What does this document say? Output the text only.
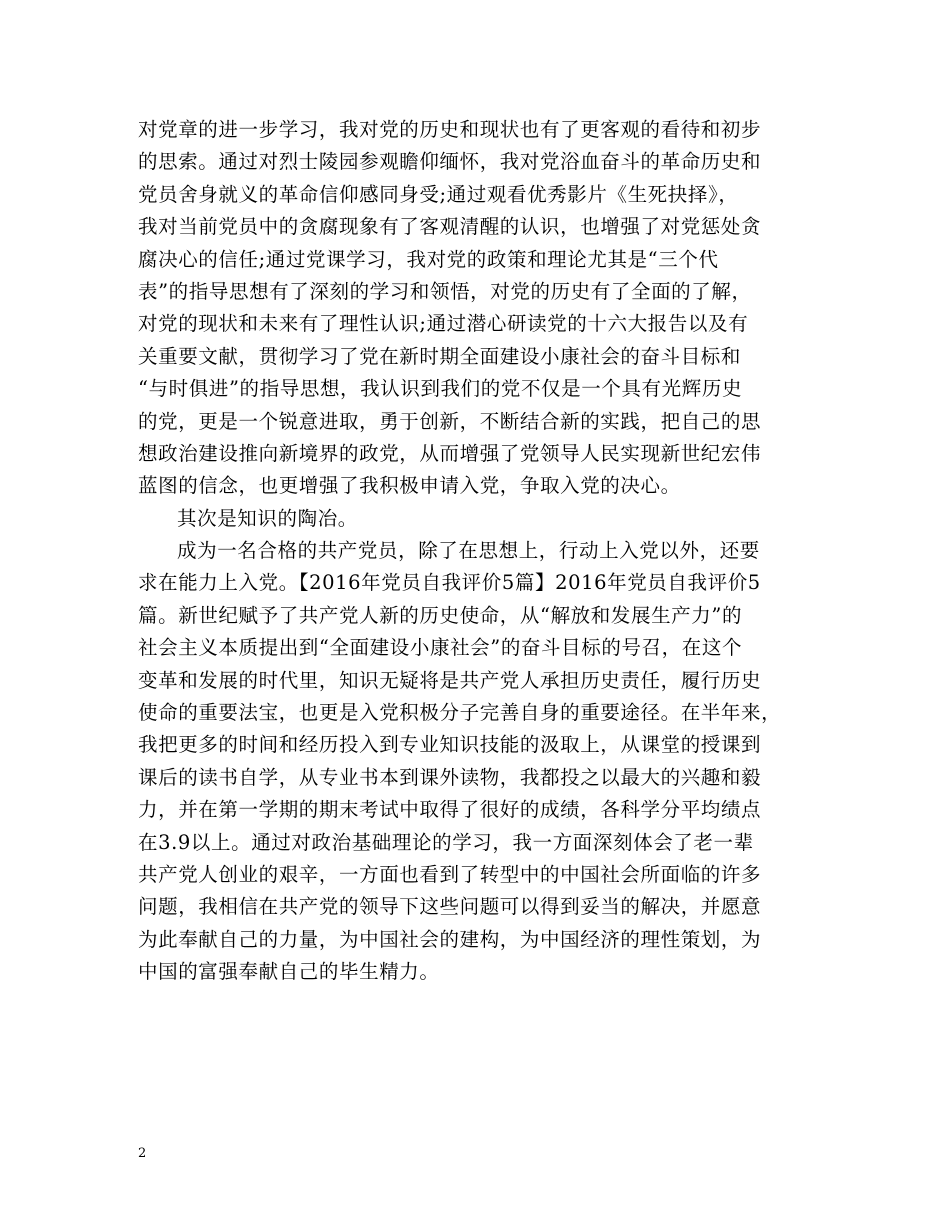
对党章的进一步学习，我对党的历史和现状也有了更客观的看待和初步
的思索。通过对烈士陵园参观瞻仰缅怀，我对党浴血奋斗的革命历史和
党员舍身就义的革命信仰感同身受;通过观看优秀影片《生死抉择》，
我对当前党员中的贪腐现象有了客观清醒的认识，也增强了对党惩处贪
腐决心的信任;通过党课学习，我对党的政策和理论尤其是“三个代
表”的指导思想有了深刻的学习和领悟，对党的历史有了全面的了解，
对党的现状和未来有了理性认识;通过潜心研读党的十六大报告以及有
关重要文献，贯彻学习了党在新时期全面建设小康社会的奋斗目标和
“与时俱进”的指导思想，我认识到我们的党不仅是一个具有光辉历史
的党，更是一个锐意进取，勇于创新，不断结合新的实践，把自己的思
想政治建设推向新境界的政党，从而增强了党领导人民实现新世纪宏伟
蓝图的信念，也更增强了我积极申请入党，争取入党的决心。
其次是知识的陶冶。
成为一名合格的共产党员，除了在思想上，行动上入党以外，还要
求在能力上入党。【2016年党员自我评价5篇】2016年党员自我评价5
篇。新世纪赋予了共产党人新的历史使命，从“解放和发展生产力”的
社会主义本质提出到“全面建设小康社会”的奋斗目标的号召，在这个
变革和发展的时代里，知识无疑将是共产党人承担历史责任，履行历史
使命的重要法宝，也更是入党积极分子完善自身的重要途径。在半年来，
我把更多的时间和经历投入到专业知识技能的汲取上，从课堂的授课到
课后的读书自学，从专业书本到课外读物，我都投之以最大的兴趣和毅
力，并在第一学期的期末考试中取得了很好的成绩，各科学分平均绩点
在3.9以上。通过对政治基础理论的学习，我一方面深刻体会了老一辈
共产党人创业的艰辛，一方面也看到了转型中的中国社会所面临的许多
问题，我相信在共产党的领导下这些问题可以得到妥当的解决，并愿意
为此奉献自己的力量，为中国社会的建构，为中国经济的理性策划，为
中国的富强奉献自己的毕生精力。
2
